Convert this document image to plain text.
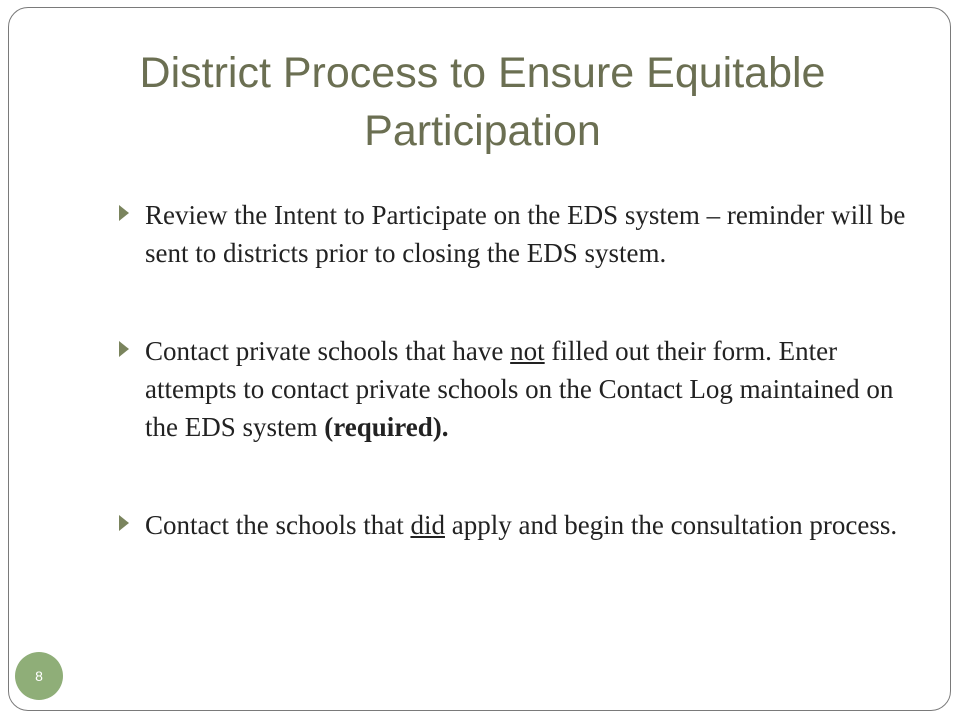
District Process to Ensure Equitable Participation
Review the Intent to Participate on the EDS system – reminder will be sent to districts prior to closing the EDS system.
Contact private schools that have not filled out their form. Enter attempts to contact private schools on the Contact Log maintained on the EDS system (required).
Contact the schools that did apply and begin the consultation process.
8
